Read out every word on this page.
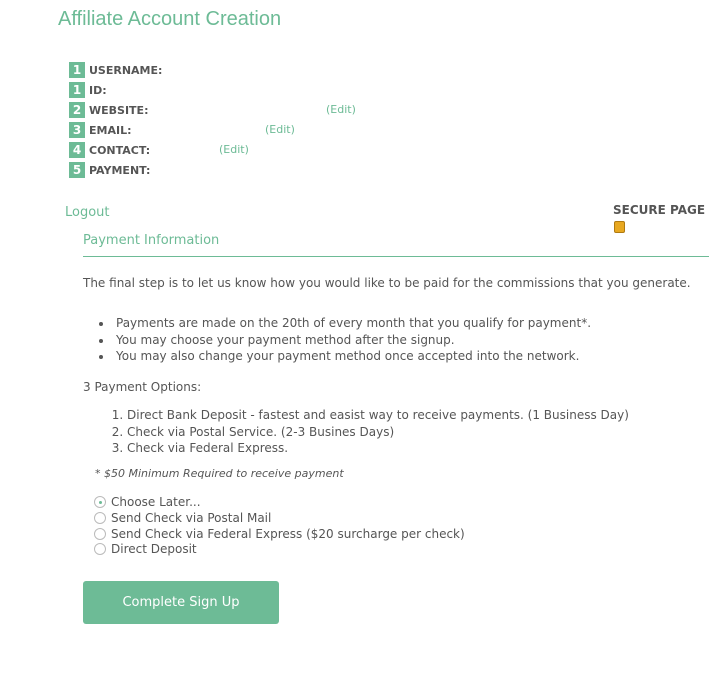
Affiliate Account Creation
1 USERNAME:
1 ID:
2 WEBSITE:
3 EMAIL:
4 CONTACT:
5 PAYMENT:
(Edit)
(Edit)
(Edit)
Logout	SECURE PAGE
Payment Information
The final step is to let us know how you would like to be paid for the commissions that you generate.
• Payments are made on the 20th of every month that you qualify for payment*.
• You may choose your payment method after the signup.
• You may also change your payment method once accepted into the network.
3 Payment Options:
1. Direct Bank Deposit - fastest and easist way to receive payments. (1 Business Day)
2. Check via Postal Service. (2-3 Busines Days)
3. Check via Federal Express.
* $50 Minimum Required to receive payment
Choose Later...
Send Check via Postal Mail
Send Check via Federal Express ($20 surcharge per check)
Direct Deposit
Complete Sign Up
